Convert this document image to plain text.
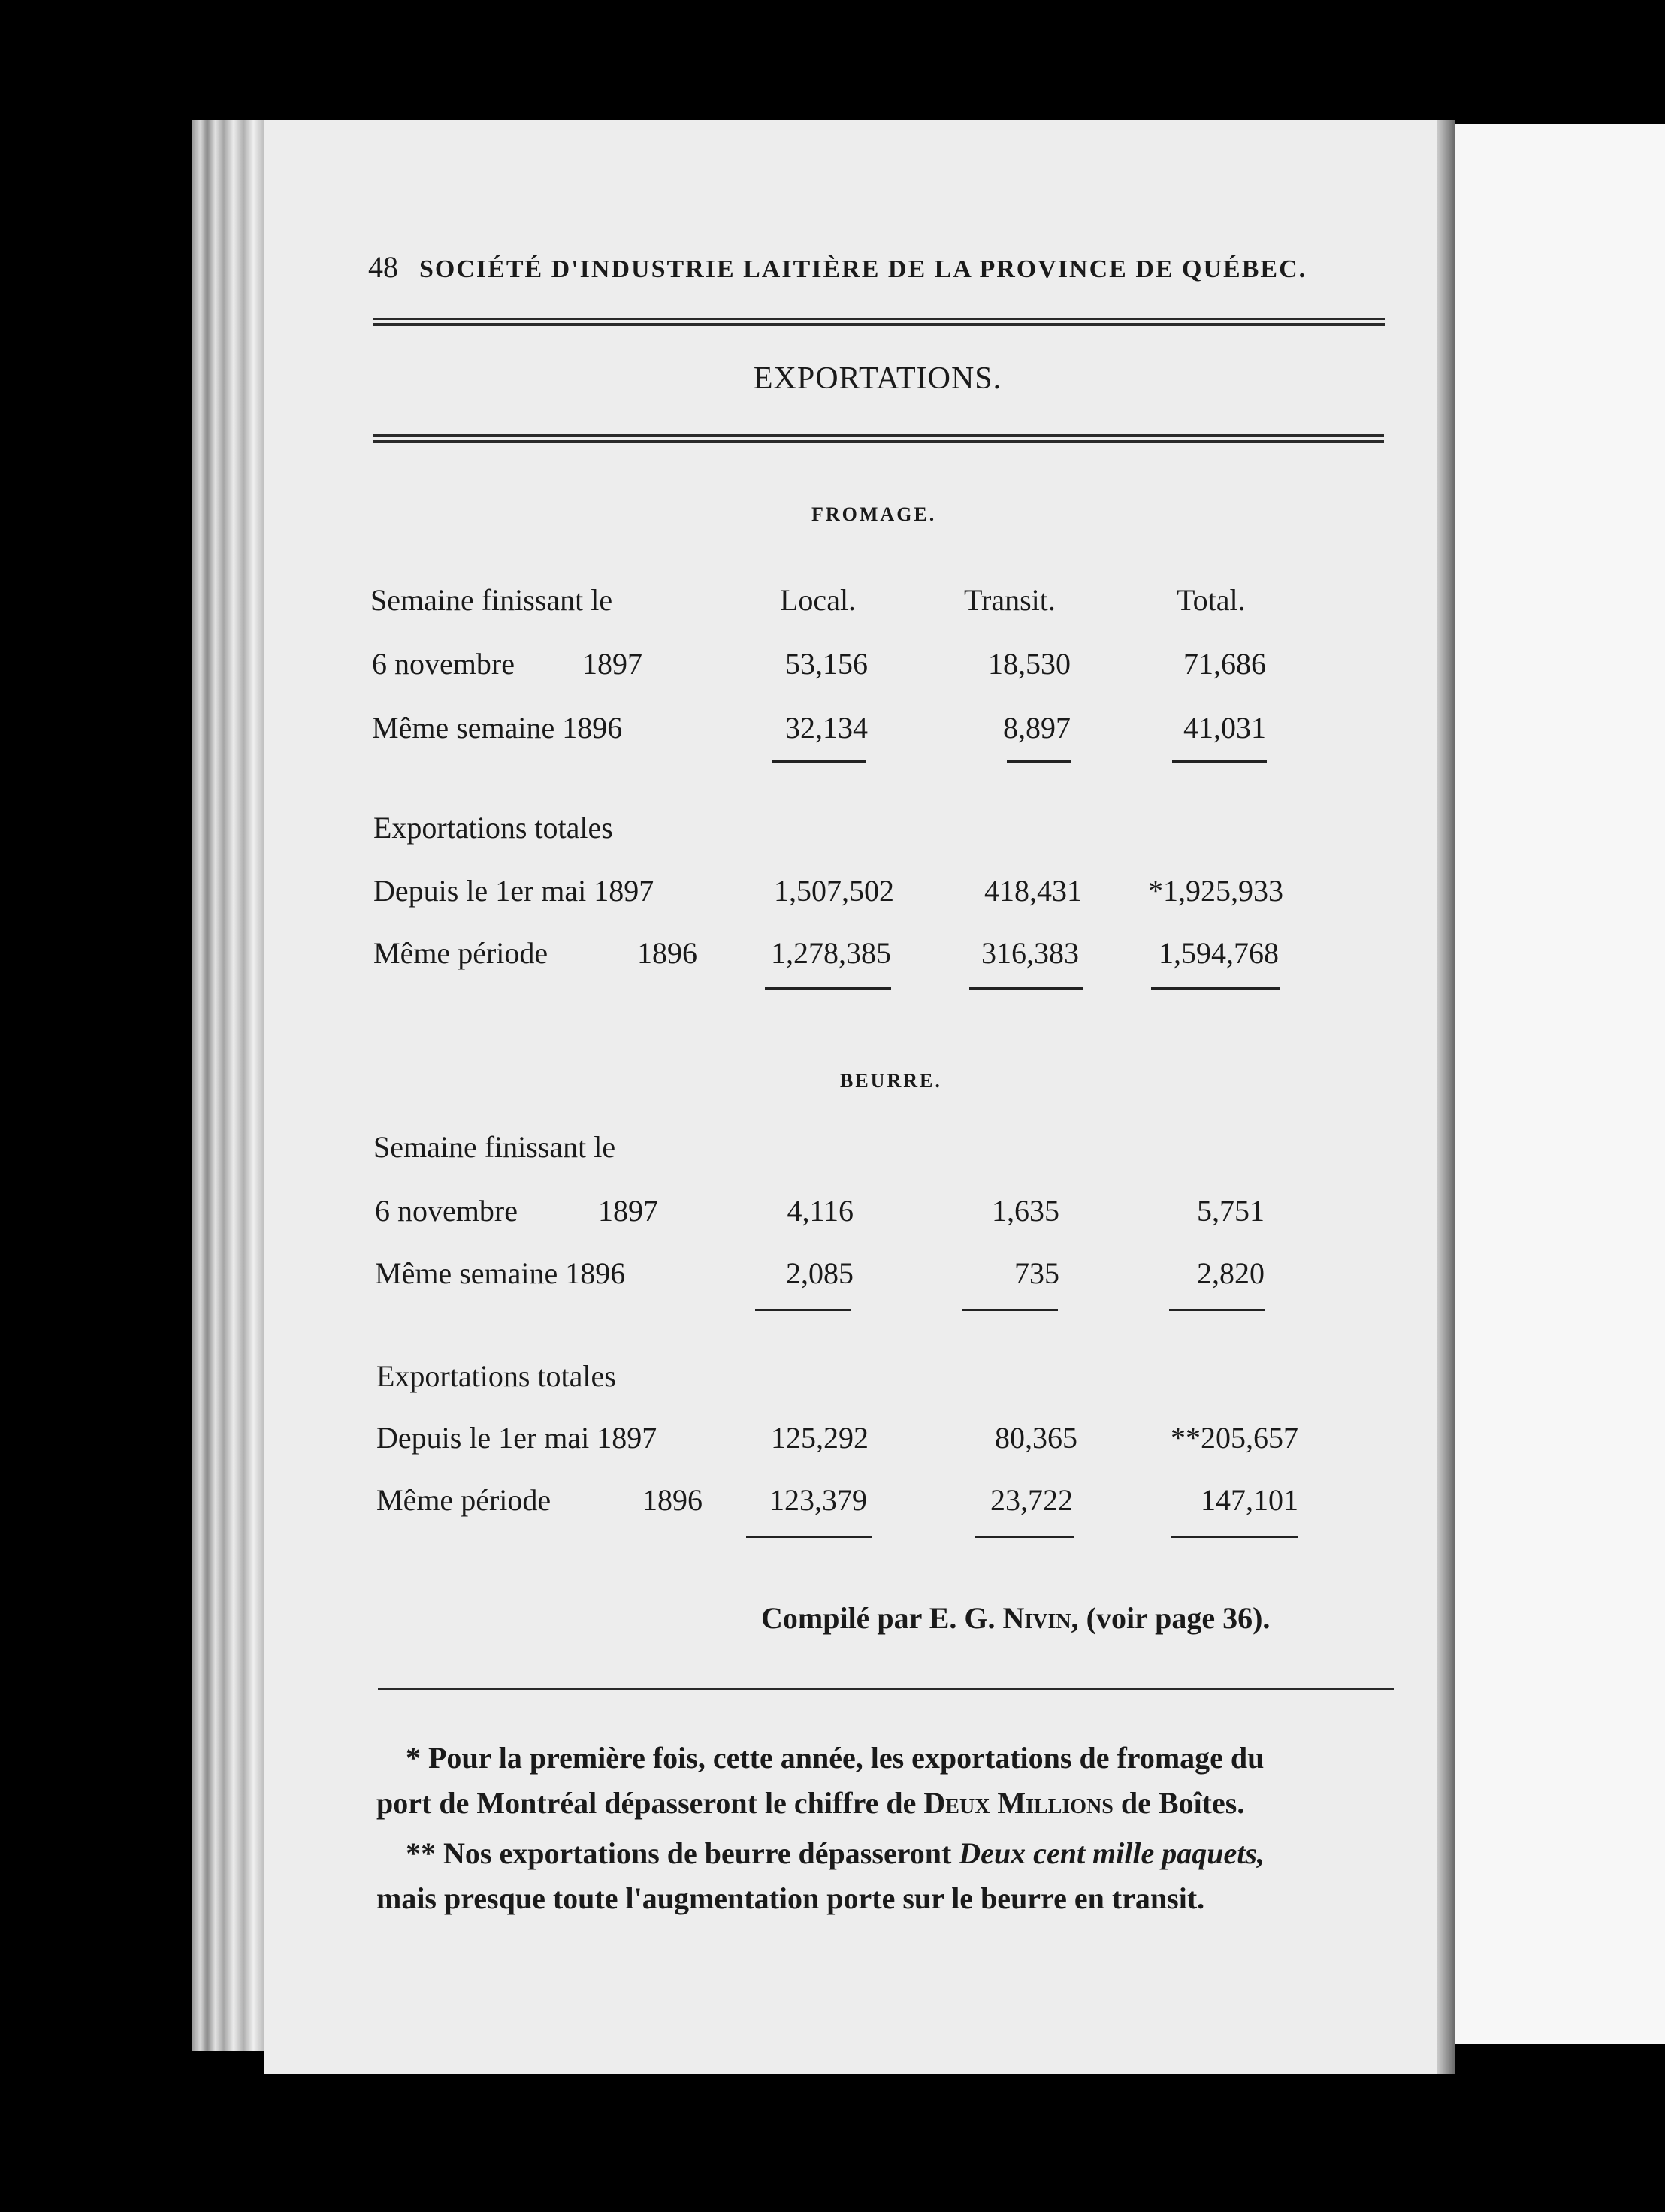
48 SOCIÉTÉ D'INDUSTRIE LAITIÈRE DE LA PROVINCE DE QUÉBEC.
EXPORTATIONS.
FROMAGE.
Semaine finissant le	Local.	Transit.	Total.
6 novembre 1897	53,156	18,530	71,686
Même semaine 1896	32,134	8,897	41,031
Exportations totales
Depuis le 1er mai 1897	1,507,502	418,431	*1,925,933
Même période	1896	1,278,385	316,383	1,594,768
BEURRE.
Semaine finissant le
6 novembre	1897	4,116	1,635	5,751
Même semaine 1896	2,085	735	2,820
Exportations totales
Depuis le 1er mai 1897	125,292	80,365	**205,657
Même période	1896	123,379	23,722	147,101
Compilé par E. G. Nivin, (voir page 36).
* Pour la première fois, cette année, les exportations de fromage du
port de Montréal dépasseront le chiffre de Deux Millions de Boîtes.
** Nos exportations de beurre dépasseront Deux cent mille paquets,
mais presque toute l'augmentation porte sur le beurre en transit.
